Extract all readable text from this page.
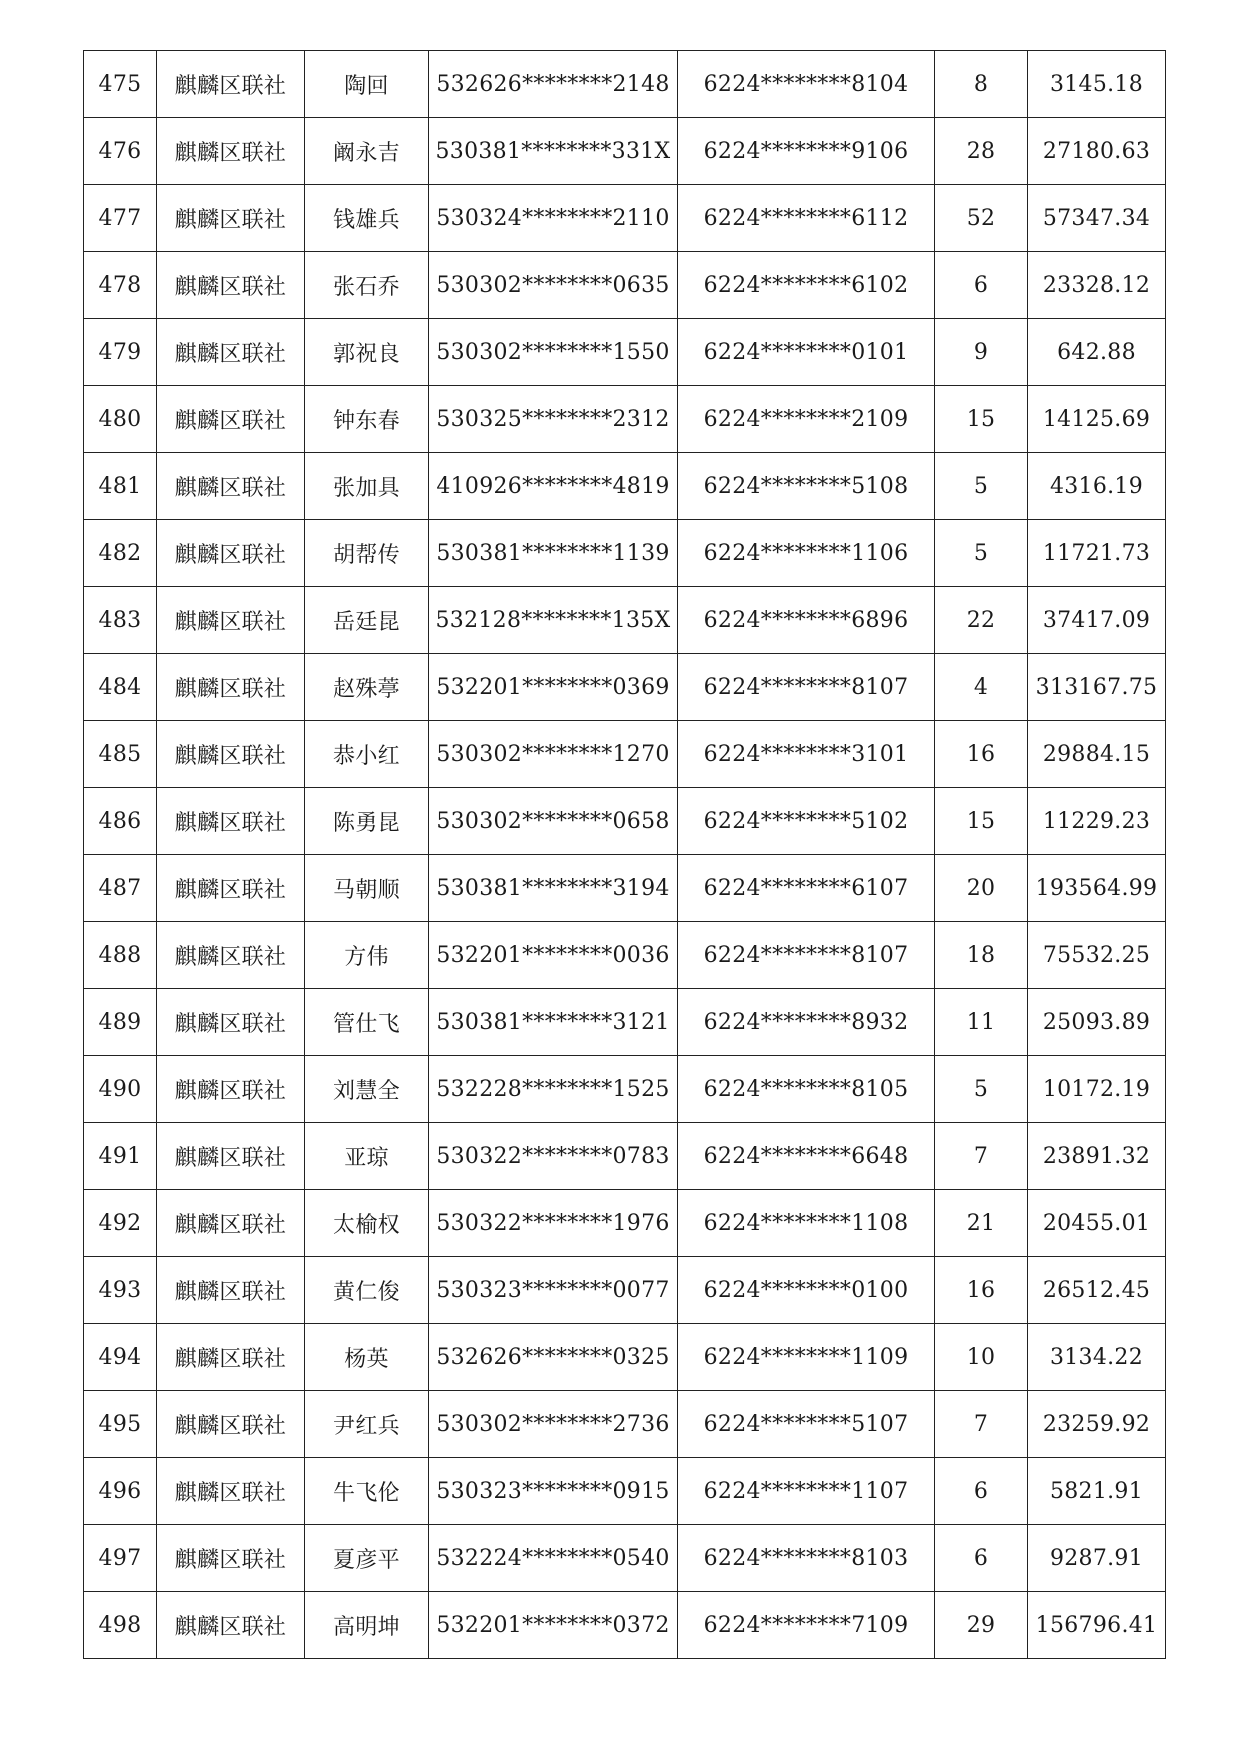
475	麒麟区联社	陶回	532626********2148	6224********8104	8	3145.18
476	麒麟区联社	阚永吉	530381********331X	6224********9106	28	27180.63
477	麒麟区联社	钱雄兵	530324********2110	6224********6112	52	57347.34
478	麒麟区联社	张石乔	530302********0635	6224********6102	6	23328.12
479	麒麟区联社	郭祝良	530302********1550	6224********0101	9	642.88
480	麒麟区联社	钟东春	530325********2312	6224********2109	15	14125.69
481	麒麟区联社	张加具	410926********4819	6224********5108	5	4316.19
482	麒麟区联社	胡帮传	530381********1139	6224********1106	5	11721.73
483	麒麟区联社	岳廷昆	532128********135X	6224********6896	22	37417.09
484	麒麟区联社	赵殊葶	532201********0369	6224********8107	4	313167.75
485	麒麟区联社	恭小红	530302********1270	6224********3101	16	29884.15
486	麒麟区联社	陈勇昆	530302********0658	6224********5102	15	11229.23
487	麒麟区联社	马朝顺	530381********3194	6224********6107	20	193564.99
488	麒麟区联社	方伟	532201********0036	6224********8107	18	75532.25
489	麒麟区联社	管仕飞	530381********3121	6224********8932	11	25093.89
490	麒麟区联社	刘慧全	532228********1525	6224********8105	5	10172.19
491	麒麟区联社	亚琼	530322********0783	6224********6648	7	23891.32
492	麒麟区联社	太榆权	530322********1976	6224********1108	21	20455.01
493	麒麟区联社	黄仁俊	530323********0077	6224********0100	16	26512.45
494	麒麟区联社	杨英	532626********0325	6224********1109	10	3134.22
495	麒麟区联社	尹红兵	530302********2736	6224********5107	7	23259.92
496	麒麟区联社	牛飞伦	530323********0915	6224********1107	6	5821.91
497	麒麟区联社	夏彦平	532224********0540	6224********8103	6	9287.91
498	麒麟区联社	高明坤	532201********0372	6224********7109	29	156796.41
